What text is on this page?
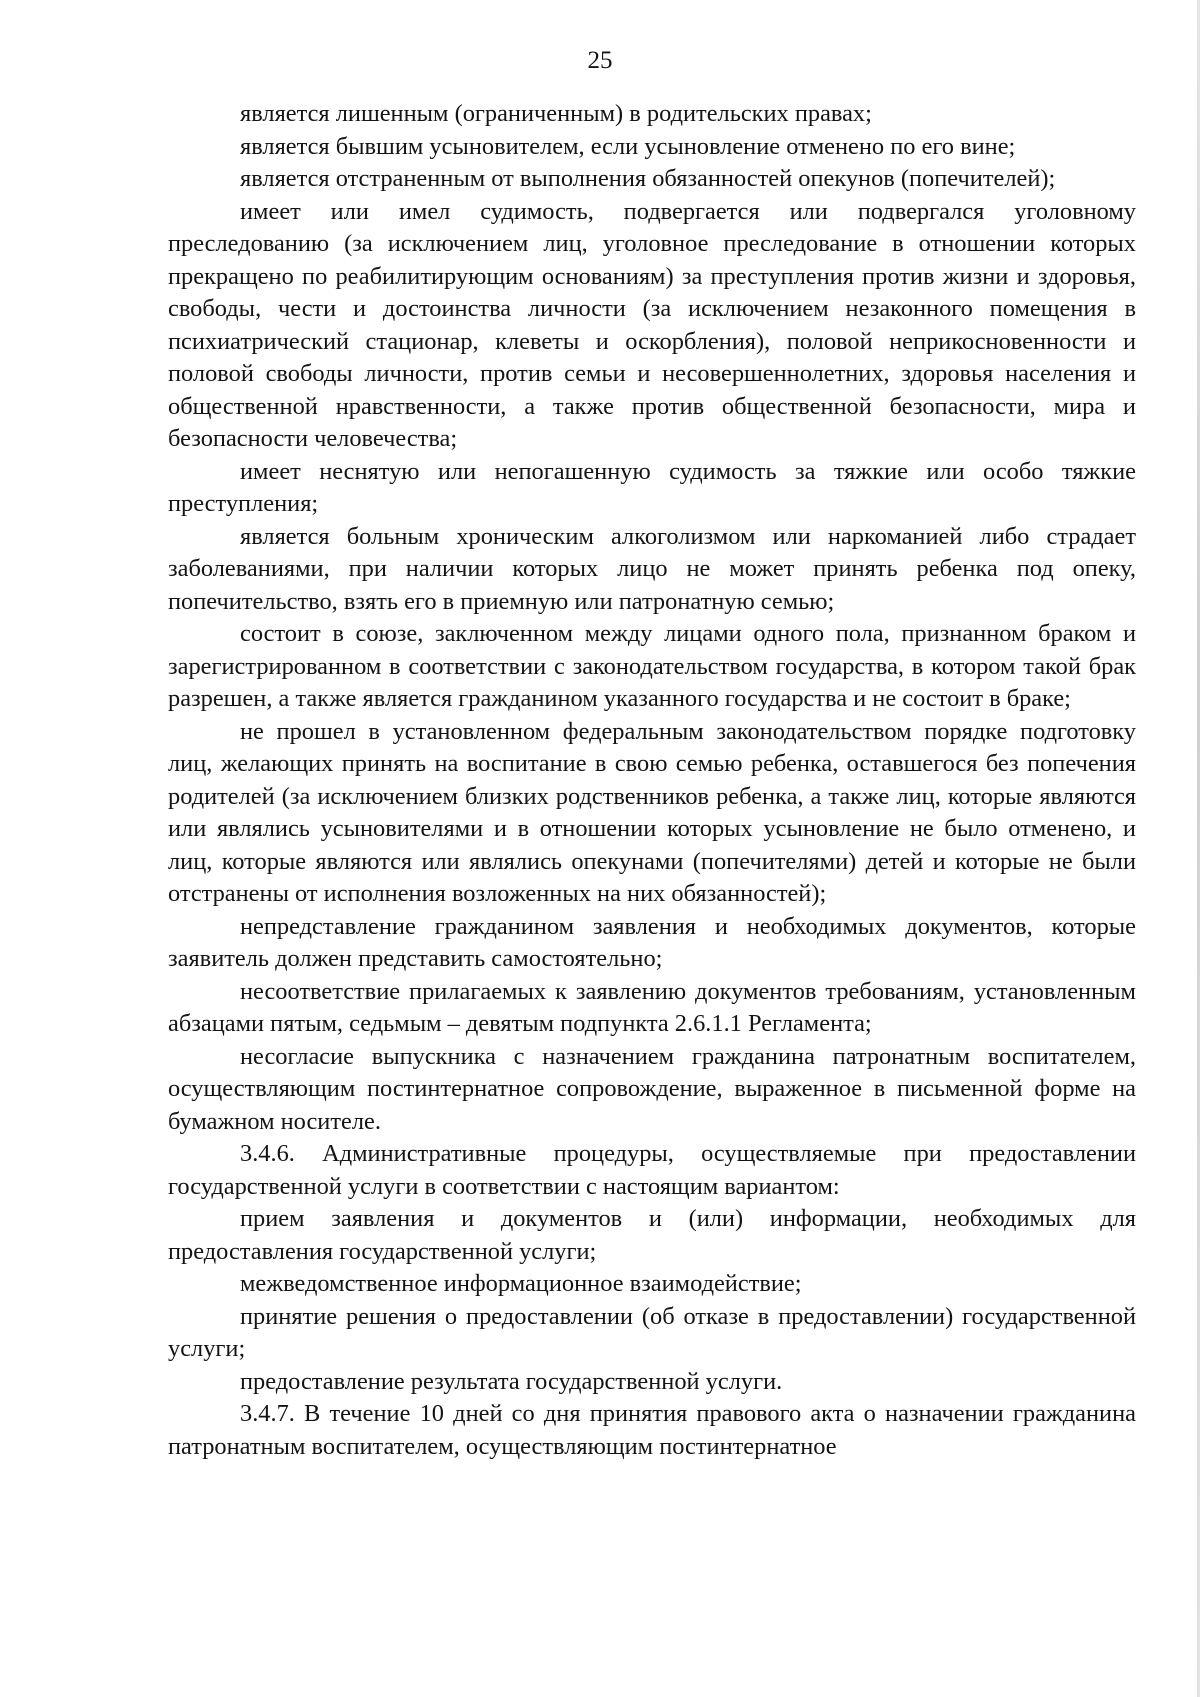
25

является лишенным (ограниченным) в родительских правах;

является бывшим усыновителем, если усыновление отменено по его вине;

является отстраненным от выполнения обязанностей опекунов (попечителей);

имеет или имел судимость, подвергается или подвергался уголовному преследованию (за исключением лиц, уголовное преследование в отношении которых прекращено по реабилитирующим основаниям) за преступления против жизни и здоровья, свободы, чести и достоинства личности (за исключением незаконного помещения в психиатрический стационар, клеветы и оскорбления), половой неприкосновенности и половой свободы личности, против семьи и несовершеннолетних, здоровья населения и общественной нравственности, а также против общественной безопасности, мира и безопасности человечества;

имеет неснятую или непогашенную судимость за тяжкие или особо тяжкие преступления;

является больным хроническим алкоголизмом или наркоманией либо страдает заболеваниями, при наличии которых лицо не может принять ребенка под опеку, попечительство, взять его в приемную или патронатную семью;

состоит в союзе, заключенном между лицами одного пола, признанном браком и зарегистрированном в соответствии с законодательством государства, в котором такой брак разрешен, а также является гражданином указанного государства и не состоит в браке;

не прошел в установленном федеральным законодательством порядке подготовку лиц, желающих принять на воспитание в свою семью ребенка, оставшегося без попечения родителей (за исключением близких родственников ребенка, а также лиц, которые являются или являлись усыновителями и в отношении которых усыновление не было отменено, и лиц, которые являются или являлись опекунами (попечителями) детей и которые не были отстранены от исполнения возложенных на них обязанностей);

непредставление гражданином заявления и необходимых документов, которые заявитель должен представить самостоятельно;

несоответствие прилагаемых к заявлению документов требованиям, установленным абзацами пятым, седьмым – девятым подпункта 2.6.1.1 Регламента;

несогласие выпускника с назначением гражданина патронатным воспитателем, осуществляющим постинтернатное сопровождение, выраженное в письменной форме на бумажном носителе.

3.4.6. Административные процедуры, осуществляемые при предоставлении государственной услуги в соответствии с настоящим вариантом:

прием заявления и документов и (или) информации, необходимых для предоставления государственной услуги;

межведомственное информационное взаимодействие;

принятие решения о предоставлении (об отказе в предоставлении) государственной услуги;

предоставление результата государственной услуги.

3.4.7. В течение 10 дней со дня принятия правового акта о назначении гражданина патронатным воспитателем, осуществляющим постинтернатное
